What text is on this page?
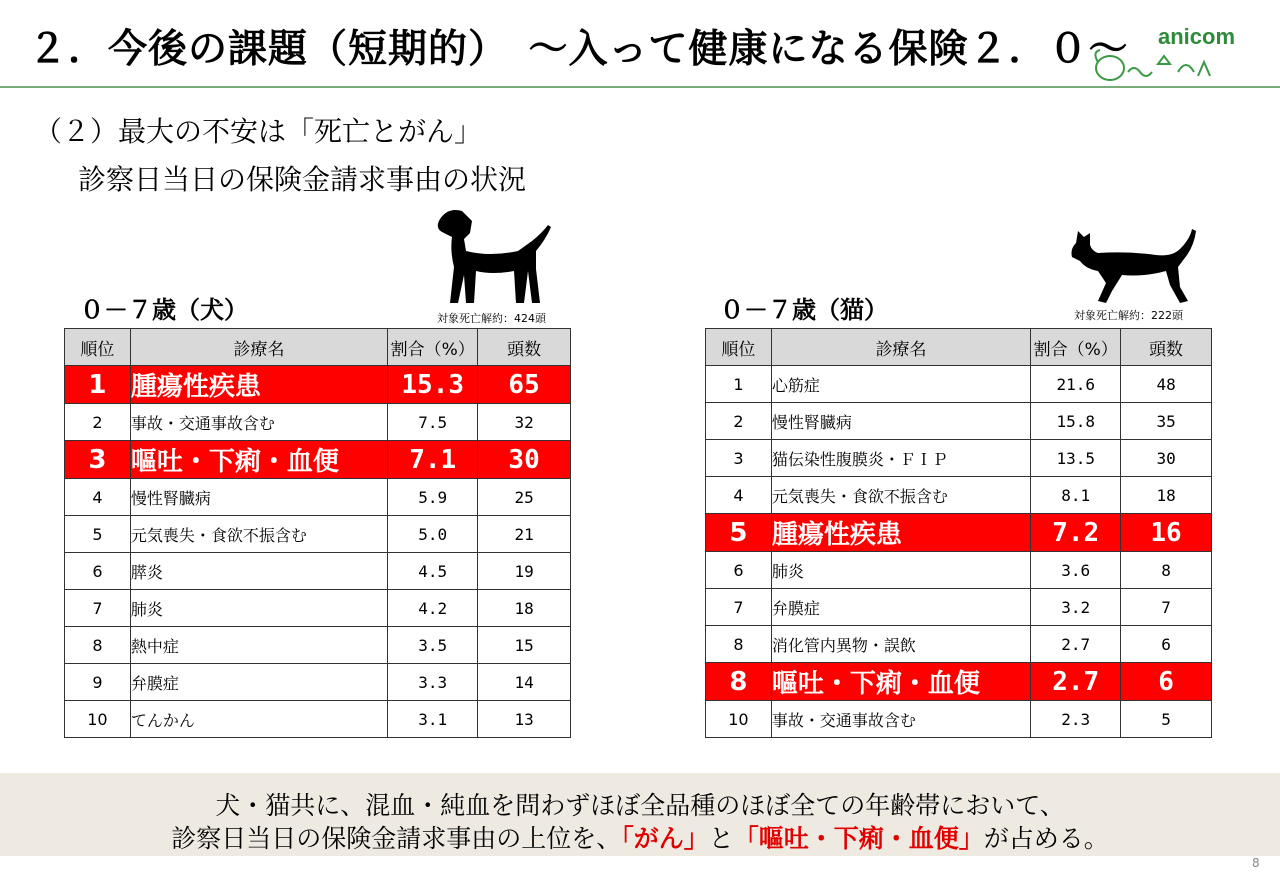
２．今後の課題（短期的）　～入って健康になる保険２．０～ anicom
（２）最大の不安は「死亡とがん」
診察日当日の保険金請求事由の状況
０－７歳（犬）	対象死亡解約：424頭
順位	診療名	割合（%）	頭数
1	腫瘍性疾患	15.3	65
2	事故・交通事故含む	7.5	32
3	嘔吐・下痢・血便	7.1	30
4	慢性腎臓病	5.9	25
5	元気喪失・食欲不振含む	5.0	21
6	膵炎	4.5	19
7	肺炎	4.2	18
8	熱中症	3.5	15
9	弁膜症	3.3	14
10	てんかん	3.1	13
０－７歳（猫）	対象死亡解約：222頭
順位	診療名	割合（%）	頭数
1	心筋症	21.6	48
2	慢性腎臓病	15.8	35
3	猫伝染性腹膜炎・ＦＩＰ	13.5	30
4	元気喪失・食欲不振含む	8.1	18
5	腫瘍性疾患	7.2	16
6	肺炎	3.6	8
7	弁膜症	3.2	7
8	消化管内異物・誤飲	2.7	6
8	嘔吐・下痢・血便	2.7	6
10	事故・交通事故含む	2.3	5
犬・猫共に、混血・純血を問わずほぼ全品種のほぼ全ての年齢帯において、
診察日当日の保険金請求事由の上位を、「がん」と「嘔吐・下痢・血便」が占める。
8
